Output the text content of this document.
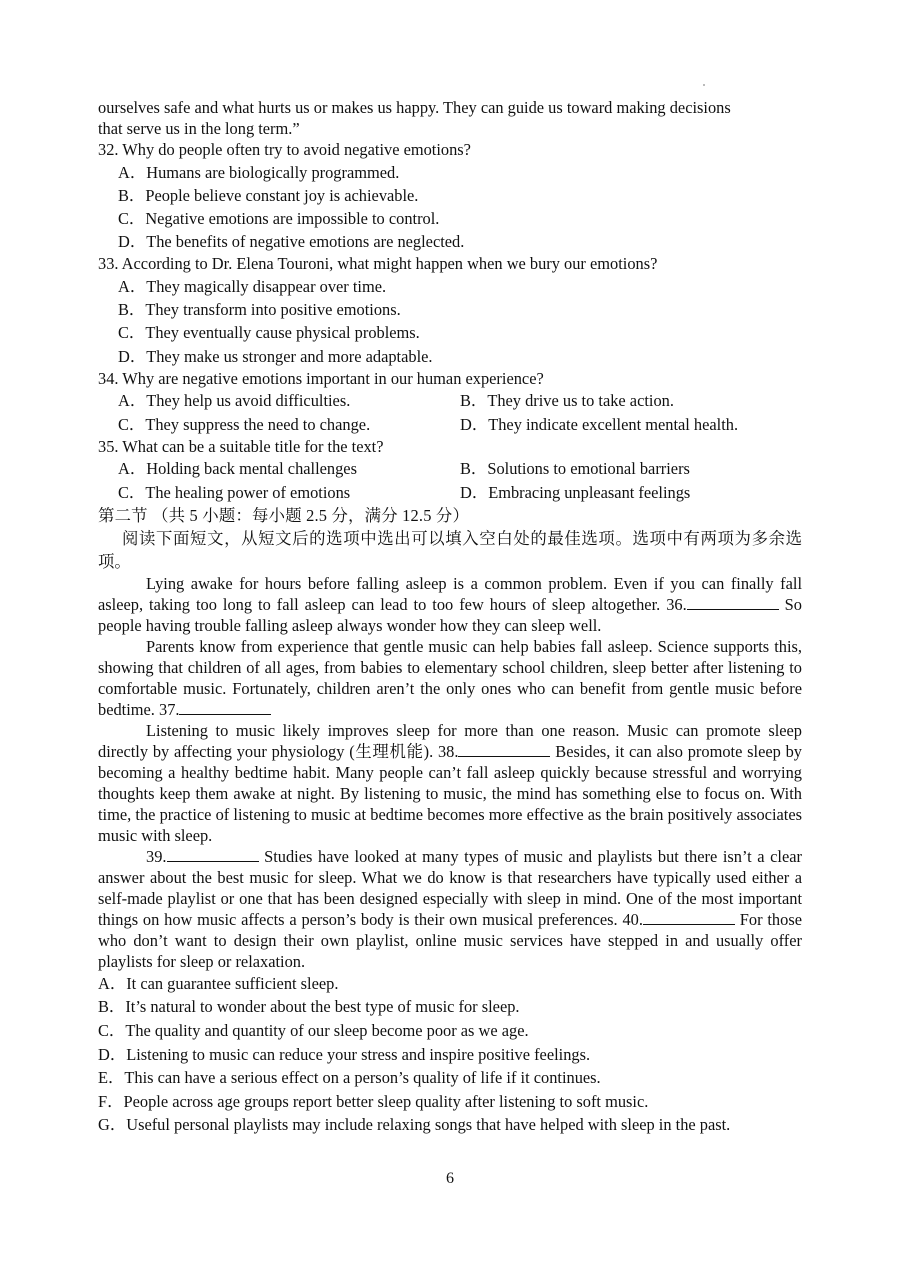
ourselves safe and what hurts us or makes us happy. They can guide us toward making decisions
that serve us in the long term.”
32. Why do people often try to avoid negative emotions?
A．Humans are biologically programmed.
B．People believe constant joy is achievable.
C．Negative emotions are impossible to control.
D．The benefits of negative emotions are neglected.
33. According to Dr. Elena Touroni, what might happen when we bury our emotions?
A．They magically disappear over time.
B．They transform into positive emotions.
C．They eventually cause physical problems.
D．They make us stronger and more adaptable.
34. Why are negative emotions important in our human experience?
A．They help us avoid difficulties.	B．They drive us to take action.
C．They suppress the need to change.	D．They indicate excellent mental health.
35. What can be a suitable title for the text?
A．Holding back mental challenges	B．Solutions to emotional barriers
C．The healing power of emotions	D．Embracing unpleasant feelings
第二节 （共 5 小题：每小题 2.5 分，满分 12.5 分）
阅读下面短文，从短文后的选项中选出可以填入空白处的最佳选项。选项中有两项为多余选项。

Lying awake for hours before falling asleep is a common problem. Even if you can finally fall asleep, taking too long to fall asleep can lead to too few hours of sleep altogether. 36.	So people having trouble falling asleep always wonder how they can sleep well.

Parents know from experience that gentle music can help babies fall asleep. Science supports this, showing that children of all ages, from babies to elementary school children, sleep better after listening to comfortable music. Fortunately, children aren’t the only ones who can benefit from gentle music before bedtime. 37.

Listening to music likely improves sleep for more than one reason. Music can promote sleep directly by affecting your physiology (生理机能). 38.	Besides, it can also promote sleep by becoming a healthy bedtime habit. Many people can’t fall asleep quickly because stressful and worrying thoughts keep them awake at night. By listening to music, the mind has something else to focus on. With time, the practice of listening to music at bedtime becomes more effective as the brain positively associates music with sleep.

39.	Studies have looked at many types of music and playlists but there isn’t a clear answer about the best music for sleep. What we do know is that researchers have typically used either a self-made playlist or one that has been designed especially with sleep in mind. One of the most important things on how music affects a person’s body is their own musical preferences. 40.	For those who don’t want to design their own playlist, online music services have stepped in and usually offer playlists for sleep or relaxation.

A．It can guarantee sufficient sleep.
B．It’s natural to wonder about the best type of music for sleep.
C．The quality and quantity of our sleep become poor as we age.
D．Listening to music can reduce your stress and inspire positive feelings.
E．This can have a serious effect on a person’s quality of life if it continues.
F．People across age groups report better sleep quality after listening to soft music.
G．Useful personal playlists may include relaxing songs that have helped with sleep in the past.
6
